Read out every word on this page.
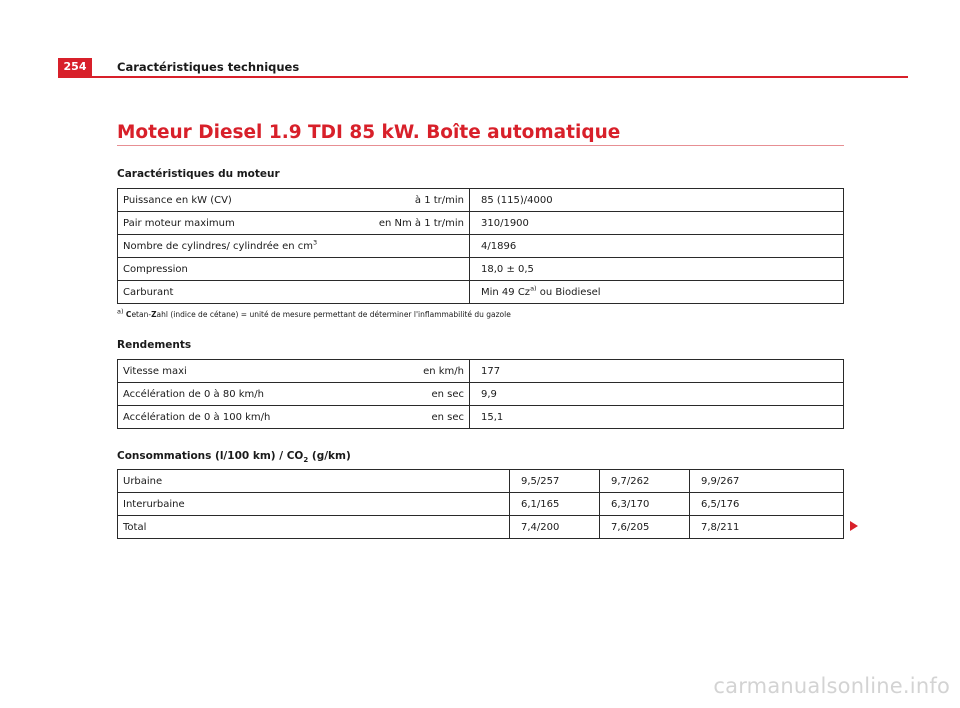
254	Caractéristiques techniques
Moteur Diesel 1.9 TDI 85 kW. Boîte automatique
Caractéristiques du moteur
Puissance en kW (CV) à 1 tr/min	85 (115)/4000
Pair moteur maximum en Nm à 1 tr/min	310/1900
Nombre de cylindres/ cylindrée en $cm^3$	4/1896
Compression	18,0 ± 0,5
Carburant	Min 49 Cz$^{a)}$ ou Biodiesel
$^{a)}$ Cetan-Zahl (indice de cétane) = unité de mesure permettant de déterminer l'inflammabilité du gazole
Rendements
Vitesse maxi en km/h	177
Accélération de 0 à 80 km/h en sec	9,9
Accélération de 0 à 100 km/h en sec	15,1
Consommations (l/100 $km) / CO_2$ (g/km)
Urbaine	9,5/257	9,7/262	9,9/267
Interurbaine	6,1/165	6,3/170	6,5/176
Total	7,4/200	7,6/205	7,8/211
carmanualsonline.info
